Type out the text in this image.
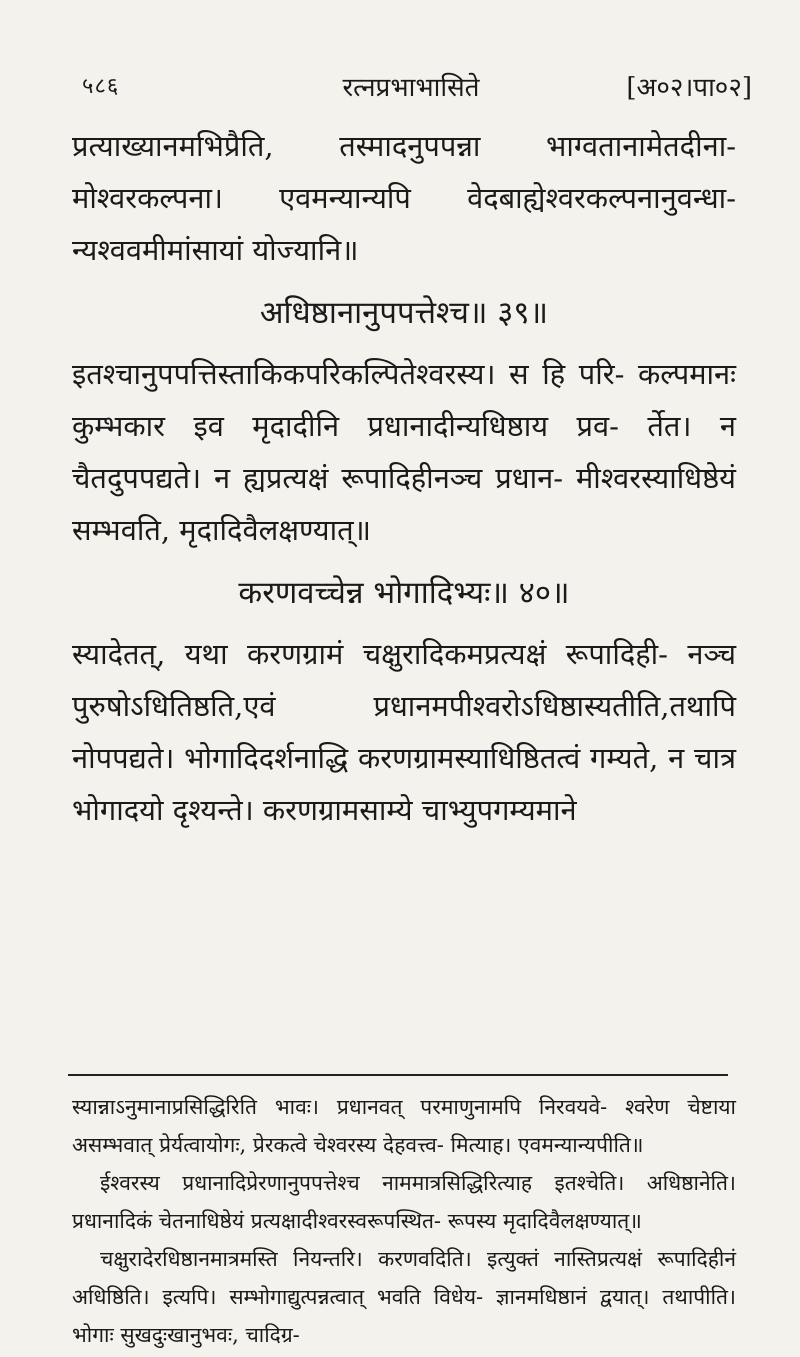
५८६	रत्नप्रभाभासिते	[अ०२।पा०२]

प्रत्याख्यानमभिप्रैति, तस्मादनुपपन्ना भाग्वतानामेतदीना- मोश्वरकल्पना। एवमन्यान्यपि वेदबाह्येश्वरकल्पनानुवन्धा- न्यश्ववमीमांसायां योज्यानि॥

अधिष्ठानानुपपत्तेश्च॥ ३९॥

इतश्चानुपपत्तिस्ताकिकपरिकल्पितेश्वरस्य। स हि परि- कल्पमानः कुम्भकार इव मृदादीनि प्रधानादीन्यधिष्ठाय प्रव- र्तेत। न चैतदुपपद्यते। न ह्यप्रत्यक्षं रूपादिहीनञ्च प्रधान- मीश्वरस्याधिष्ठेयं सम्भवति, मृदादिवैलक्षण्यात्॥

करणवच्चेन्न भोगादिभ्यः॥ ४०॥

स्यादेतत्, यथा करणग्रामं चक्षुरादिकमप्रत्यक्षं रूपादिही- नञ्च पुरुषोऽधितिष्ठति,एवं प्रधानमपीश्वरोऽधिष्ठास्यतीति,तथापि नोपपद्यते। भोगादिदर्शनाद्धि करणग्रामस्याधिष्ठितत्वं गम्यते, न चात्र भोगादयो दृश्यन्ते। करणग्रामसाम्ये चाभ्युपगम्यमाने

स्यान्नाऽनुमानाप्रसिद्धिरिति भावः। प्रधानवत् परमाणुनामपि निरवयवे- श्वरेण चेष्टाया असम्भवात् प्रेर्यत्वायोगः, प्रेरकत्वे चेश्वरस्य देहवत्त्व- मित्याह। एवमन्यान्यपीति॥

ईश्वरस्य प्रधानादिप्रेरणानुपपत्तेश्च नाममात्रसिद्धिरित्याह इतश्चेति। अधिष्ठानेति। प्रधानादिकं चेतनाधिष्ठेयं प्रत्यक्षादीश्वरस्वरूपस्थित- रूपस्य मृदादिवैलक्षण्यात्॥

चक्षुरादेरधिष्ठानमात्रमस्ति नियन्तरि। करणवदिति। इत्युक्तं नास्तिप्रत्यक्षं रूपादिहीनं अधिष्ठिति। इत्यपि। सम्भोगाद्युत्पन्नत्वात् भवति विधेय- ज्ञानमधिष्ठानं द्वयात्। तथापीति। भोगाः सुखदुःखानुभवः, चादिग्र-
